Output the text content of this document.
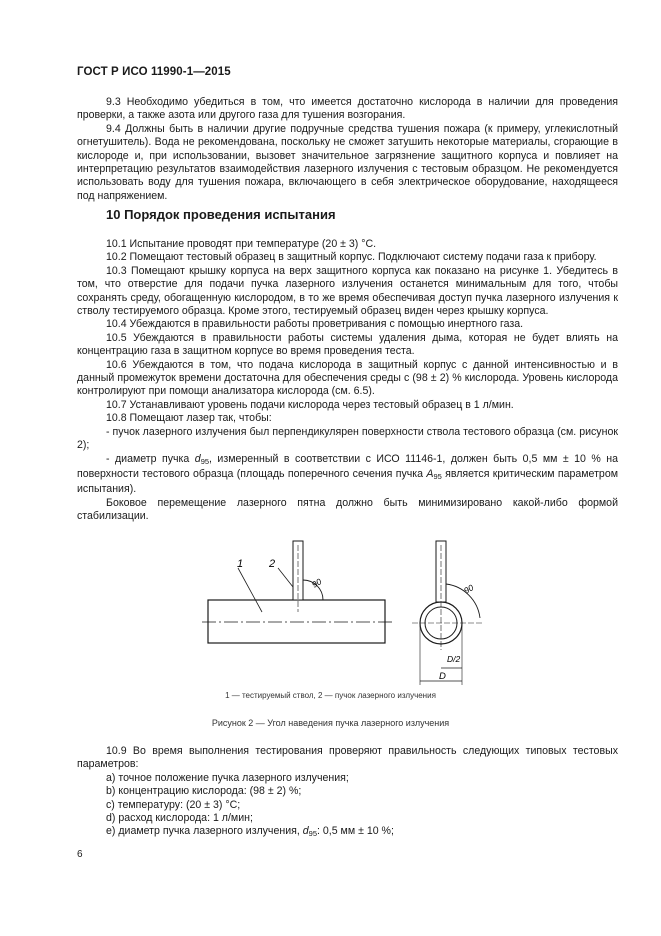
ГОСТ Р ИСО 11990-1—2015

9.3 Необходимо убедиться в том, что имеется достаточно кислорода в наличии для проведения проверки, а также азота или другого газа для тушения возгорания.

9.4 Должны быть в наличии другие подручные средства тушения пожара (к примеру, углекислотный огнетушитель). Вода не рекомендована, поскольку не сможет затушить некоторые материалы, сгорающие в кислороде и, при использовании, вызовет значительное загрязнение защитного корпуса и повлияет на интерпретацию результатов взаимодействия лазерного излучения с тестовым образцом. Не рекомендуется использовать воду для тушения пожара, включающего в себя электрическое оборудование, находящееся под напряжением.

10 Порядок проведения испытания

10.1 Испытание проводят при температуре (20 ± 3) °C.

10.2 Помещают тестовый образец в защитный корпус. Подключают систему подачи газа к прибору.

10.3 Помещают крышку корпуса на верх защитного корпуса как показано на рисунке 1. Убедитесь в том, что отверстие для подачи пучка лазерного излучения останется минимальным для того, чтобы сохранять среду, обогащенную кислородом, в то же время обеспечивая доступ пучка лазерного излучения к стволу тестируемого образца. Кроме этого, тестируемый образец виден через крышку корпуса.

10.4 Убеждаются в правильности работы проветривания с помощью инертного газа.

10.5 Убеждаются в правильности работы системы удаления дыма, которая не будет влиять на концентрацию газа в защитном корпусе во время проведения теста.

10.6 Убеждаются в том, что подача кислорода в защитный корпус с данной интенсивностью и в данный промежуток времени достаточна для обеспечения среды с (98 ± 2) % кислорода. Уровень кислорода контролируют при помощи анализатора кислорода (см. 6.5).

10.7 Устанавливают уровень подачи кислорода через тестовый образец в 1 л/мин.

10.8 Помещают лазер так, чтобы:

- пучок лазерного излучения был перпендикулярен поверхности ствола тестового образца (см. рисунок 2);

- диаметр пучка $d_{95}$, измеренный в соответствии с ИСО 11146-1, должен быть 0,5 мм ± 10 % на поверхности тестового образца (площадь поперечного сечения пучка $A_{95}$ является критическим параметром испытания).

Боковое перемещение лазерного пятна должно быть минимизировано какой-либо формой стабилизации.

1 2
90	90
D/2
D
1 — тестируемый ствол, 2 — пучок лазерного излучения
Рисунок 2 — Угол наведения пучка лазерного излучения

10.9 Во время выполнения тестирования проверяют правильность следующих типовых тестовых параметров:

а) точное положение пучка лазерного излучения;

b) концентрацию кислорода: (98 ± 2) %;

c) температуру: (20 ± 3) °С;

d) расход кислорода: 1 л/мин;

e) диаметр пучка лазерного излучения, $d_{95}$: 0,5 мм ± 10 %;

6
